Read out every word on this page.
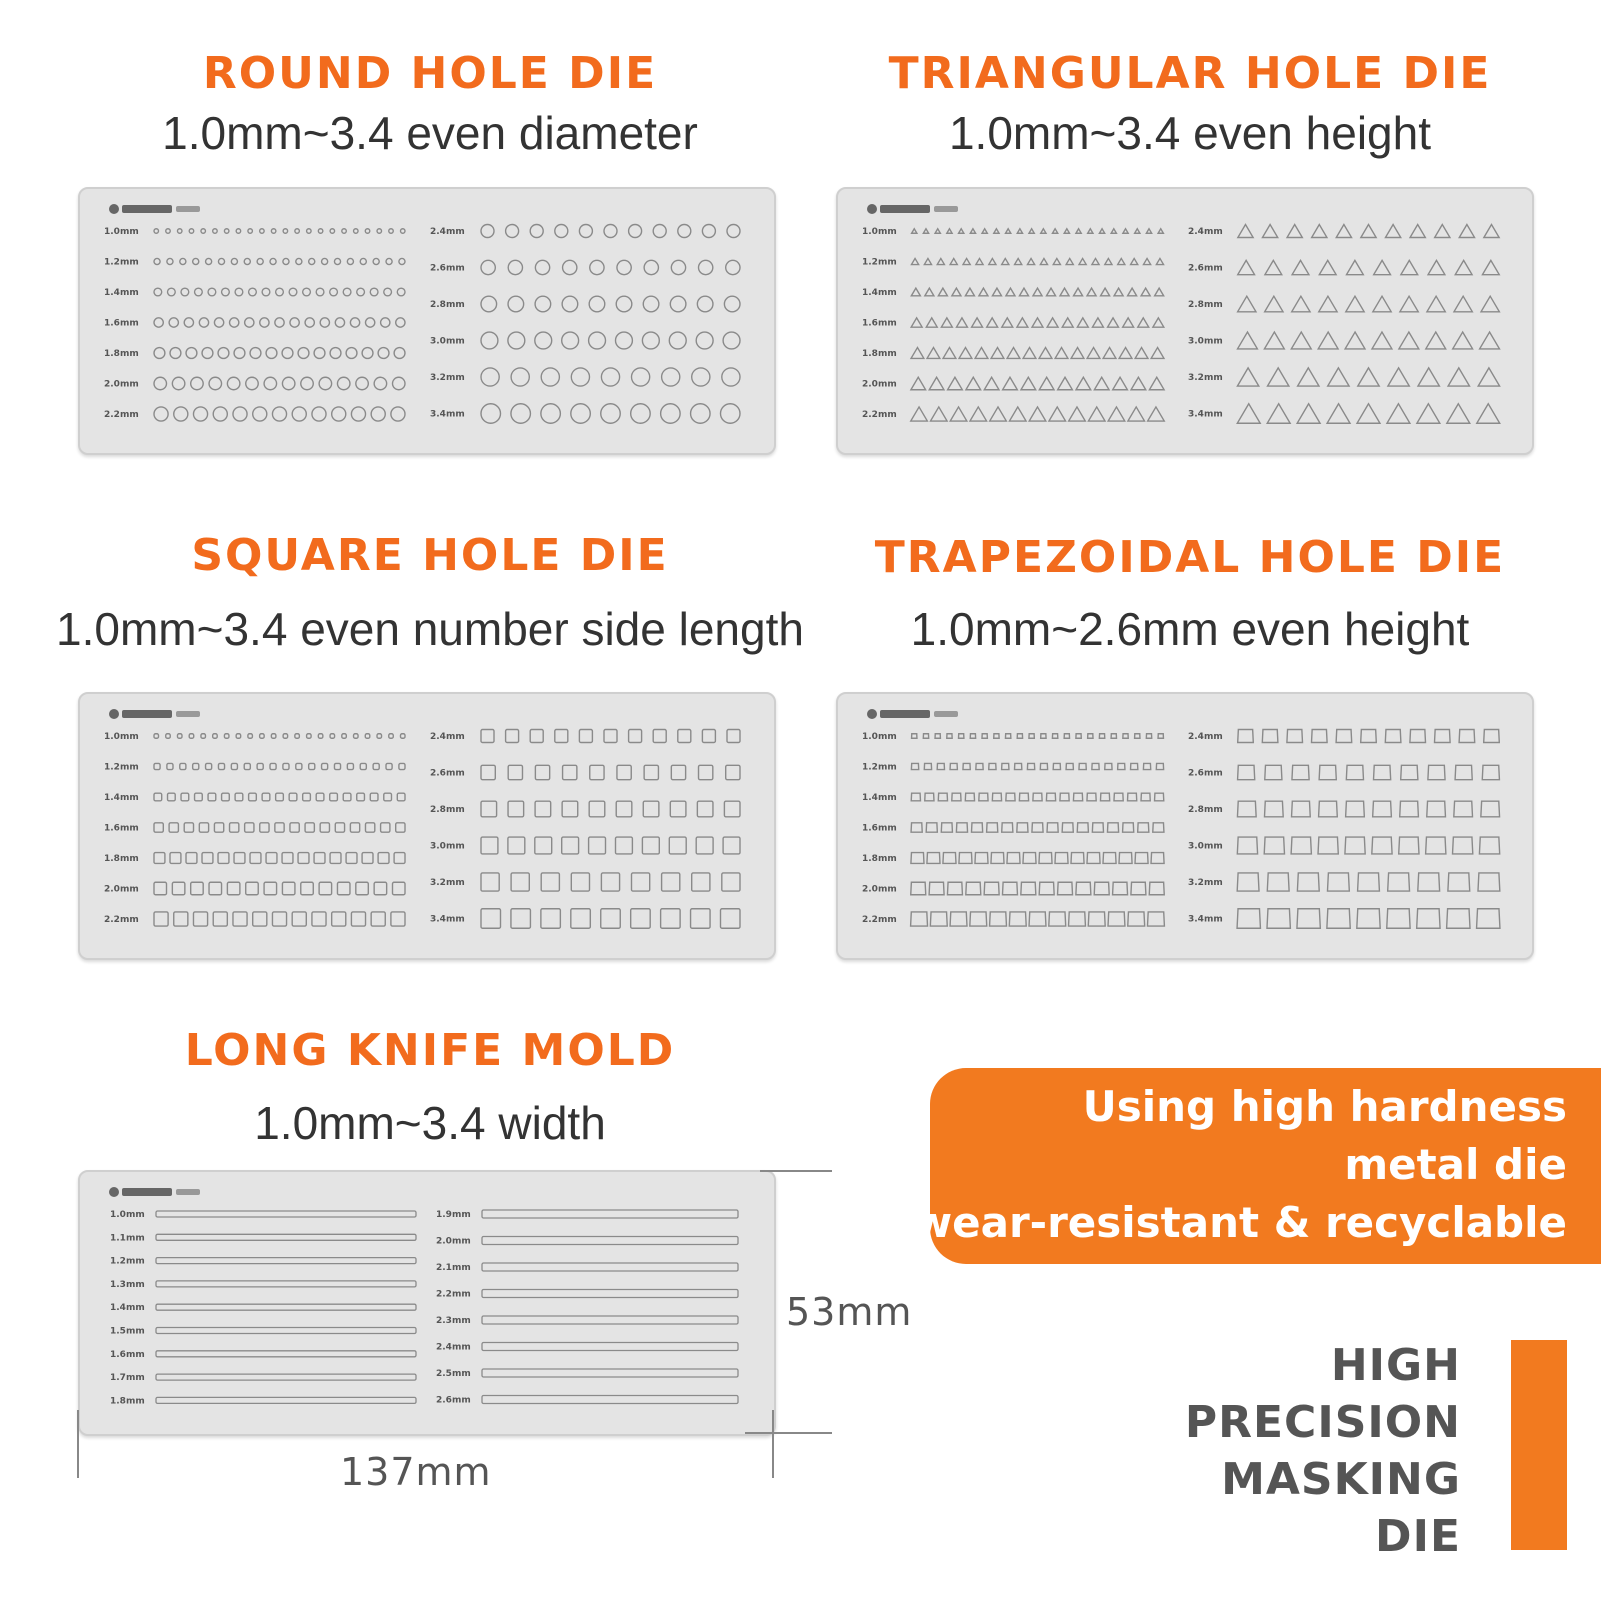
ROUND HOLE DIE
1.0mm~3.4 even diameter
1.0mm
1.2mm
1.4mm
1.6mm
1.8mm
2.0mm
2.2mm
2.4mm
2.6mm
2.8mm
3.0mm
3.2mm
3.4mm
TRIANGULAR HOLE DIE
1.0mm~3.4 even height
1.0mm
1.2mm
1.4mm
1.6mm
1.8mm
2.0mm
2.2mm
2.4mm
2.6mm
2.8mm
3.0mm
3.2mm
3.4mm
SQUARE HOLE DIE
1.0mm~3.4 even number side length
1.0mm
1.2mm
1.4mm
1.6mm
1.8mm
2.0mm
2.2mm
2.4mm
2.6mm
2.8mm
3.0mm
3.2mm
3.4mm
TRAPEZOIDAL HOLE DIE
1.0mm~2.6mm even height
1.0mm
1.2mm
1.4mm
1.6mm
1.8mm
2.0mm
2.2mm
2.4mm
2.6mm
2.8mm
3.0mm
3.2mm
3.4mm
LONG KNIFE MOLD
1.0mm~3.4 width
1.0mm
1.1mm
1.2mm
1.3mm
1.4mm
1.5mm
1.6mm
1.7mm
1.8mm
1.9mm
2.0mm
2.1mm
2.2mm
2.3mm
2.4mm
2.5mm
2.6mm
53mm
137mm
Using high hardness
metal die
wear-resistant & recyclable
HIGH
PRECISION
MASKING
DIE
